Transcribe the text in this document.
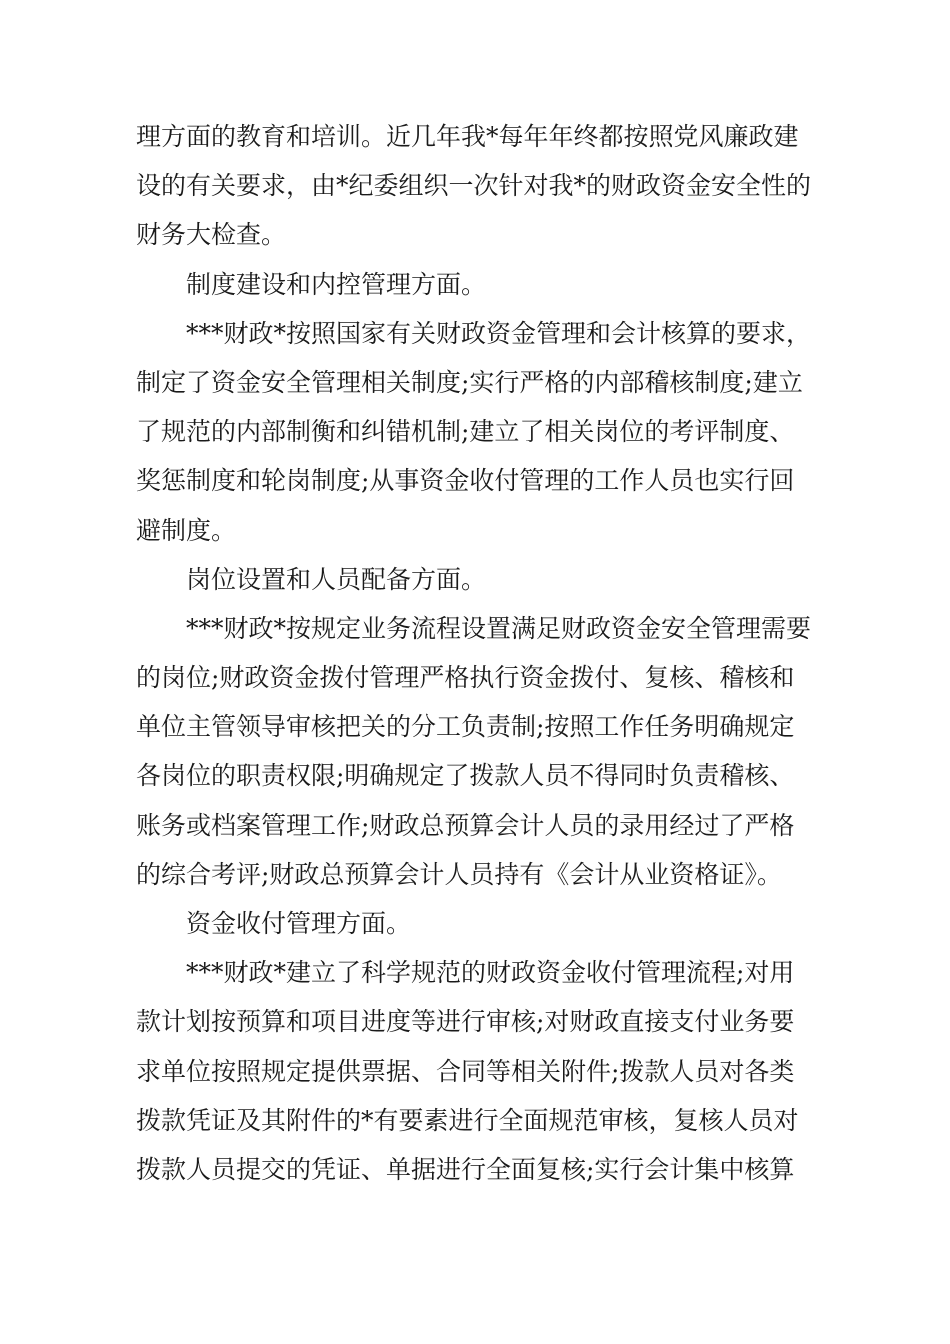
理方面的教育和培训。近几年我*每年年终都按照党风廉政建
设的有关要求，由*纪委组织一次针对我*的财政资金安全性的
财务大检查。
制度建设和内控管理方面。
***财政*按照国家有关财政资金管理和会计核算的要求，
制定了资金安全管理相关制度;实行严格的内部稽核制度;建立
了规范的内部制衡和纠错机制;建立了相关岗位的考评制度、
奖惩制度和轮岗制度;从事资金收付管理的工作人员也实行回
避制度。
岗位设置和人员配备方面。
***财政*按规定业务流程设置满足财政资金安全管理需要
的岗位;财政资金拨付管理严格执行资金拨付、复核、稽核和
单位主管领导审核把关的分工负责制;按照工作任务明确规定
各岗位的职责权限;明确规定了拨款人员不得同时负责稽核、
账务或档案管理工作;财政总预算会计人员的录用经过了严格
的综合考评;财政总预算会计人员持有《会计从业资格证》。
资金收付管理方面。
***财政*建立了科学规范的财政资金收付管理流程;对用
款计划按预算和项目进度等进行审核;对财政直接支付业务要
求单位按照规定提供票据、合同等相关附件;拨款人员对各类
拨款凭证及其附件的*有要素进行全面规范审核，复核人员对
拨款人员提交的凭证、单据进行全面复核;实行会计集中核算
